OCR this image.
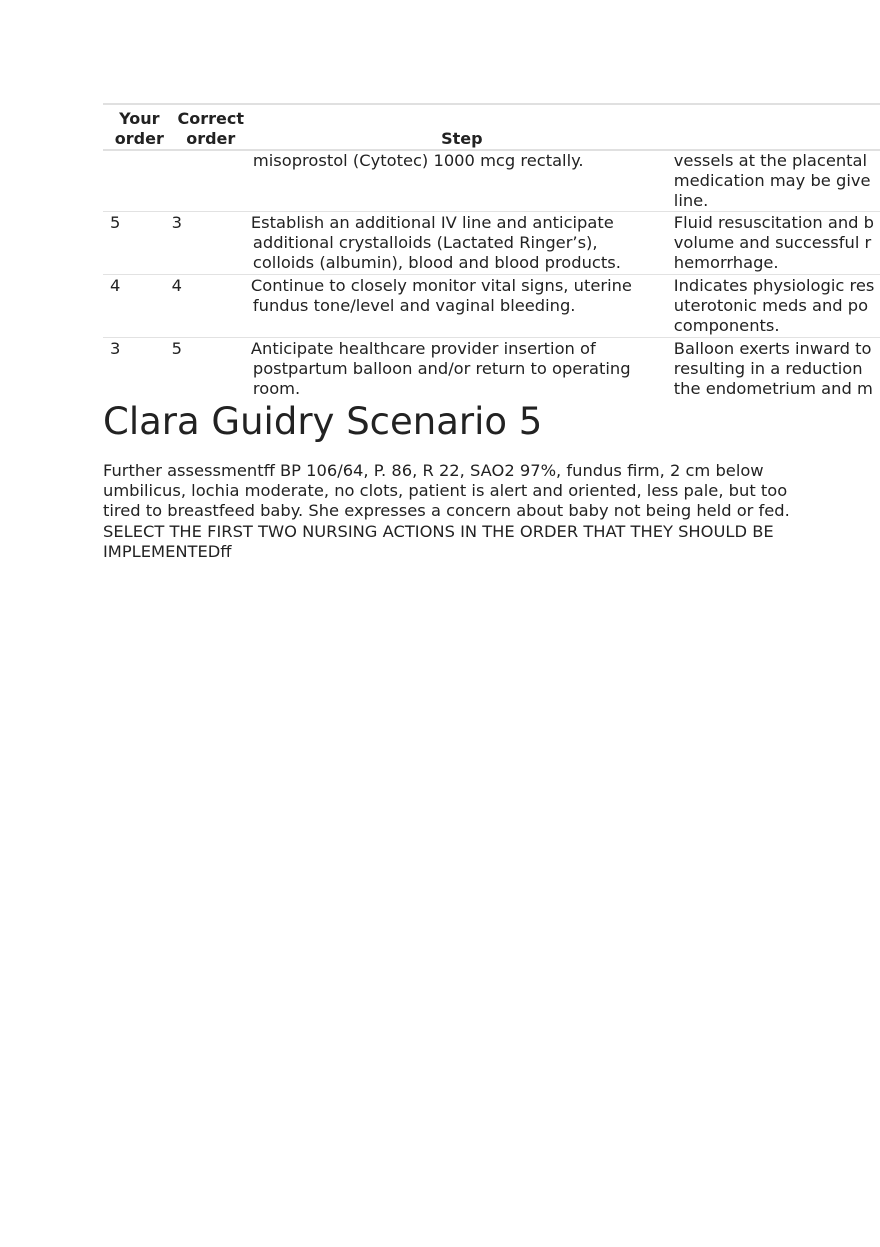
Your
order	Correct
order	Step	

		misoprostol (Cytotec) 1000 mcg rectally.	vessels at the placental
medication may be give
line.

5	3	Establish an additional IV line and anticipate
additional crystalloids (Lactated Ringer’s),
colloids (albumin), blood and blood products.	Fluid resuscitation and b
volume and successful r
hemorrhage.

4	4	Continue to closely monitor vital signs, uterine
fundus tone/level and vaginal bleeding.	Indicates physiologic res
uterotonic meds and po
components.

3	5	Anticipate healthcare provider insertion of
postpartum balloon and/or return to operating
room.	Balloon exerts inward to
resulting in a reduction
the endometrium and m
Clara Guidry Scenario 5

Further assessmentff BP 106/64, P. 86, R 22, SAO2 97%, fundus firm, 2 cm below umbilicus, lochia moderate, no clots, patient is alert and oriented, less pale, but too tired to breastfeed baby. She expresses a concern about baby not being held or fed. SELECT THE FIRST TWO NURSING ACTIONS IN THE ORDER THAT THEY SHOULD BE IMPLEMENTEDff
